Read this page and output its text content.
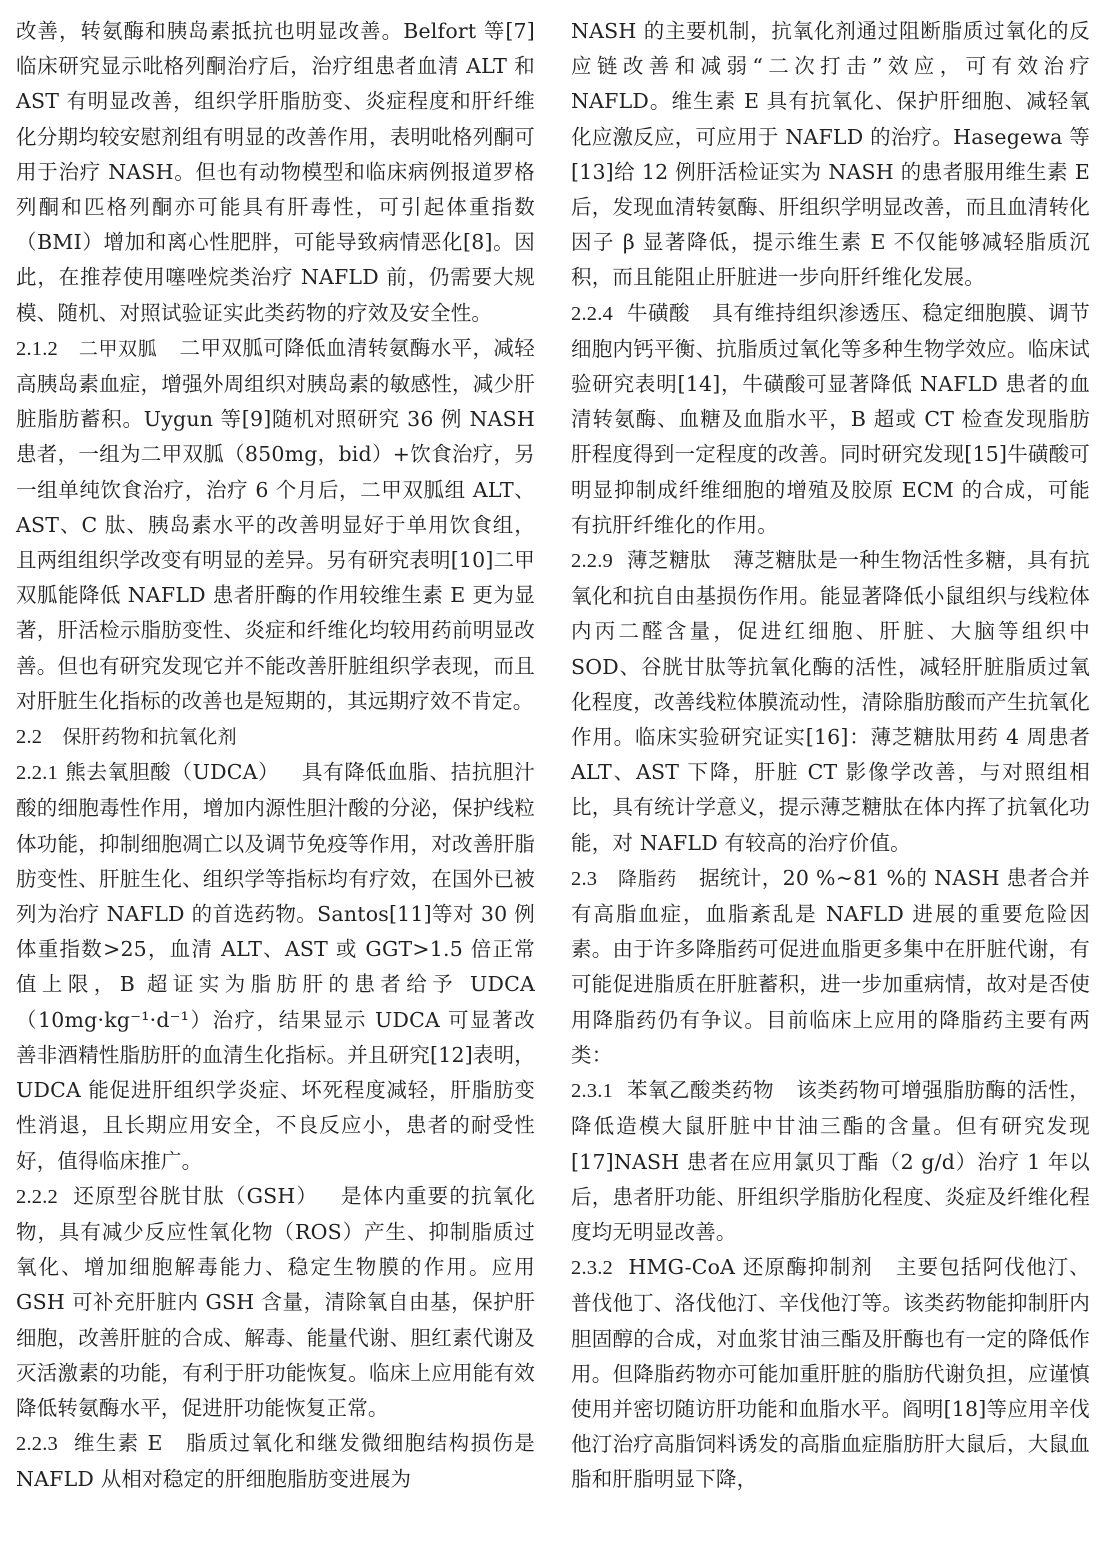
改善，转氨酶和胰岛素抵抗也明显改善。Belfort 等[7]临床研究显示吡格列酮治疗后，治疗组患者血清 ALT 和 AST 有明显改善，组织学肝脂肪变、炎症程度和肝纤维化分期均较安慰剂组有明显的改善作用，表明吡格列酮可用于治疗 NASH。但也有动物模型和临床病例报道罗格列酮和匹格列酮亦可能具有肝毒性，可引起体重指数（BMI）增加和离心性肥胖，可能导致病情恶化[8]。因此，在推荐使用噻唑烷类治疗 NAFLD 前，仍需要大规模、随机、对照试验证实此类药物的疗效及安全性。

2.1.2 二甲双胍 二甲双胍可降低血清转氨酶水平，减轻高胰岛素血症，增强外周组织对胰岛素的敏感性，减少肝脏脂肪蓄积。Uygun 等[9]随机对照研究 36 例 NASH 患者，一组为二甲双胍（850mg，bid）+饮食治疗，另一组单纯饮食治疗，治疗 6 个月后，二甲双胍组 ALT、AST、C 肽、胰岛素水平的改善明显好于单用饮食组，且两组组织学改变有明显的差异。另有研究表明[10]二甲双胍能降低 NAFLD 患者肝酶的作用较维生素 E 更为显著，肝活检示脂肪变性、炎症和纤维化均较用药前明显改善。但也有研究发现它并不能改善肝脏组织学表现，而且对肝脏生化指标的改善也是短期的，其远期疗效不肯定。

2.2 保肝药物和抗氧化剂

2.2.1 熊去氧胆酸（UDCA） 具有降低血脂、拮抗胆汁酸的细胞毒性作用，增加内源性胆汁酸的分泌，保护线粒体功能，抑制细胞凋亡以及调节免疫等作用，对改善肝脂肪变性、肝脏生化、组织学等指标均有疗效，在国外已被列为治疗 NAFLD 的首选药物。Santos[11]等对 30 例体重指数>25，血清 ALT、AST 或 GGT>1.5 倍正常值上限，B 超证实为脂肪肝的患者给予 UDCA（10mg·kg⁻¹·d⁻¹）治疗，结果显示 UDCA 可显著改善非酒精性脂肪肝的血清生化指标。并且研究[12]表明，UDCA 能促进肝组织学炎症、坏死程度减轻，肝脂肪变性消退，且长期应用安全，不良反应小，患者的耐受性好，值得临床推广。

2.2.2 还原型谷胱甘肽（GSH） 是体内重要的抗氧化物，具有减少反应性氧化物（ROS）产生、抑制脂质过氧化、增加细胞解毒能力、稳定生物膜的作用。应用 GSH 可补充肝脏内 GSH 含量，清除氧自由基，保护肝细胞，改善肝脏的合成、解毒、能量代谢、胆红素代谢及灭活激素的功能，有利于肝功能恢复。临床上应用能有效降低转氨酶水平，促进肝功能恢复正常。

2.2.3 维生素 E 脂质过氧化和继发微细胞结构损伤是 NAFLD 从相对稳定的肝细胞脂肪变进展为

NASH 的主要机制，抗氧化剂通过阻断脂质过氧化的反应链改善和减弱“二次打击”效应，可有效治疗 NAFLD。维生素 E 具有抗氧化、保护肝细胞、减轻氧化应激反应，可应用于 NAFLD 的治疗。Hasegewa 等[13]给 12 例肝活检证实为 NASH 的患者服用维生素 E 后，发现血清转氨酶、肝组织学明显改善，而且血清转化因子 β 显著降低，提示维生素 E 不仅能够减轻脂质沉积，而且能阻止肝脏进一步向肝纤维化发展。

2.2.4 牛磺酸 具有维持组织渗透压、稳定细胞膜、调节细胞内钙平衡、抗脂质过氧化等多种生物学效应。临床试验研究表明[14]，牛磺酸可显著降低 NAFLD 患者的血清转氨酶、血糖及血脂水平，B 超或 CT 检查发现脂肪肝程度得到一定程度的改善。同时研究发现[15]牛磺酸可明显抑制成纤维细胞的增殖及胶原 ECM 的合成，可能有抗肝纤维化的作用。

2.2.9 薄芝糖肽 薄芝糖肽是一种生物活性多糖，具有抗氧化和抗自由基损伤作用。能显著降低小鼠组织与线粒体内丙二醛含量，促进红细胞、肝脏、大脑等组织中 SOD、谷胱甘肽等抗氧化酶的活性，减轻肝脏脂质过氧化程度，改善线粒体膜流动性，清除脂肪酸而产生抗氧化作用。临床实验研究证实[16]：薄芝糖肽用药 4 周患者 ALT、AST 下降，肝脏 CT 影像学改善，与对照组相比，具有统计学意义，提示薄芝糖肽在体内挥了抗氧化功能，对 NAFLD 有较高的治疗价值。

2.3 降脂药 据统计，20 %~81 %的 NASH 患者合并有高脂血症，血脂紊乱是 NAFLD 进展的重要危险因素。由于许多降脂药可促进血脂更多集中在肝脏代谢，有可能促进脂质在肝脏蓄积，进一步加重病情，故对是否使用降脂药仍有争议。目前临床上应用的降脂药主要有两类：

2.3.1 苯氧乙酸类药物 该类药物可增强脂肪酶的活性，降低造模大鼠肝脏中甘油三酯的含量。但有研究发现[17]NASH 患者在应用氯贝丁酯（2 g/d）治疗 1 年以后，患者肝功能、肝组织学脂肪化程度、炎症及纤维化程度均无明显改善。

2.3.2 HMG-CoA 还原酶抑制剂 主要包括阿伐他汀、普伐他丁、洛伐他汀、辛伐他汀等。该类药物能抑制肝内胆固醇的合成，对血浆甘油三酯及肝酶也有一定的降低作用。但降脂药物亦可能加重肝脏的脂肪代谢负担，应谨慎使用并密切随访肝功能和血脂水平。阎明[18]等应用辛伐他汀治疗高脂饲料诱发的高脂血症脂肪肝大鼠后，大鼠血脂和肝脂明显下降，
